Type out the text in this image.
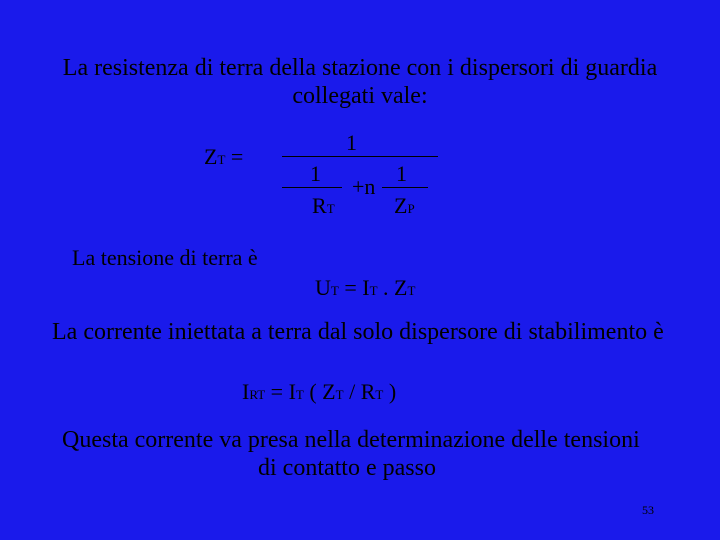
La resistenza di terra della stazione con i dispersori di guardia
collegati vale:
ZT =
1
1
RT
+n
1
ZP
La tensione di terra è
UT = IT . ZT
La corrente iniettata a terra dal solo dispersore di stabilimento è
IRT = IT ( ZT / RT )
Questa corrente va presa nella determinazione delle tensioni
di contatto e passo
53
